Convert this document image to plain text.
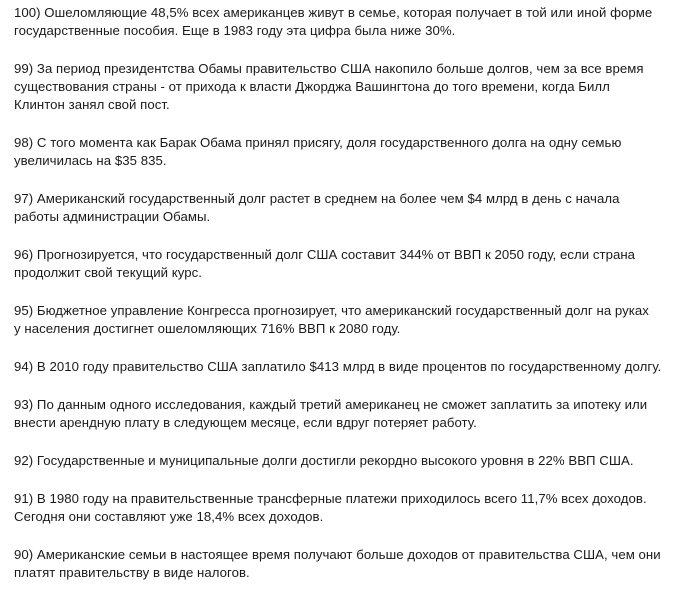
100) Ошеломляющие 48,5% всех американцев живут в семье, которая получает в той или иной форме
государственные пособия. Еще в 1983 году эта цифра была ниже 30%.
99) За период президентства Обамы правительство США накопило больше долгов, чем за все время
существования страны - от прихода к власти Джорджа Вашингтона до того времени, когда Билл
Клинтон занял свой пост.
98) С того момента как Барак Обама принял присягу, доля государственного долга на одну семью
увеличилась на $35 835.
97) Американский государственный долг растет в среднем на более чем $4 млрд в день с начала
работы администрации Обамы.
96) Прогнозируется, что государственный долг США составит 344% от ВВП к 2050 году, если страна
продолжит свой текущий курс.
95) Бюджетное управление Конгресса прогнозирует, что американский государственный долг на руках
у населения достигнет ошеломляющих 716% ВВП к 2080 году.
94) В 2010 году правительство США заплатило $413 млрд в виде процентов по государственному долгу.
93) По данным одного исследования, каждый третий американец не сможет заплатить за ипотеку или
внести арендную плату в следующем месяце, если вдруг потеряет работу.
92) Государственные и муниципальные долги достигли рекордно высокого уровня в 22% ВВП США.
91) В 1980 году на правительственные трансферные платежи приходилось всего 11,7% всех доходов.
Сегодня они составляют уже 18,4% всех доходов.
90) Американские семьи в настоящее время получают больше доходов от правительства США, чем они
платят правительству в виде налогов.
